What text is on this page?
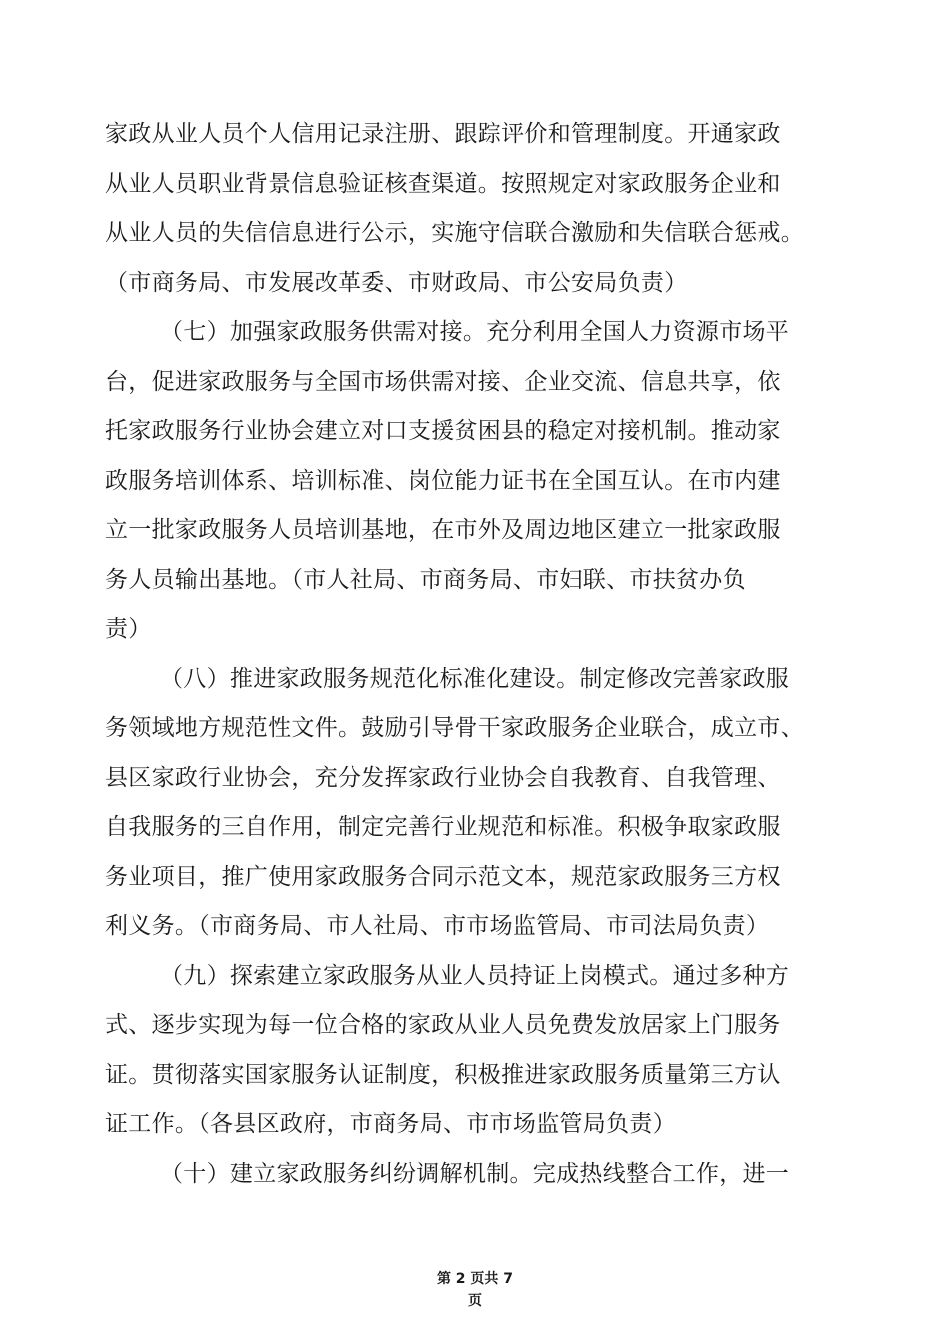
家政从业人员个人信用记录注册、跟踪评价和管理制度。开通家政
从业人员职业背景信息验证核查渠道。按照规定对家政服务企业和
从业人员的失信信息进行公示，实施守信联合激励和失信联合惩戒。
（市商务局、市发展改革委、市财政局、市公安局负责）
（七）加强家政服务供需对接。充分利用全国人力资源市场平
台，促进家政服务与全国市场供需对接、企业交流、信息共享，依
托家政服务行业协会建立对口支援贫困县的稳定对接机制。推动家
政服务培训体系、培训标准、岗位能力证书在全国互认。在市内建
立一批家政服务人员培训基地，在市外及周边地区建立一批家政服
务人员输出基地。（市人社局、市商务局、市妇联、市扶贫办负
责）
（八）推进家政服务规范化标准化建设。制定修改完善家政服
务领域地方规范性文件。鼓励引导骨干家政服务企业联合，成立市、
县区家政行业协会，充分发挥家政行业协会自我教育、自我管理、
自我服务的三自作用，制定完善行业规范和标准。积极争取家政服
务业项目，推广使用家政服务合同示范文本，规范家政服务三方权
利义务。（市商务局、市人社局、市市场监管局、市司法局负责）
（九）探索建立家政服务从业人员持证上岗模式。通过多种方
式、逐步实现为每一位合格的家政从业人员免费发放居家上门服务
证。贯彻落实国家服务认证制度，积极推进家政服务质量第三方认
证工作。（各县区政府，市商务局、市市场监管局负责）
（十）建立家政服务纠纷调解机制。完成热线整合工作，进一
第 2 页共 7
页
